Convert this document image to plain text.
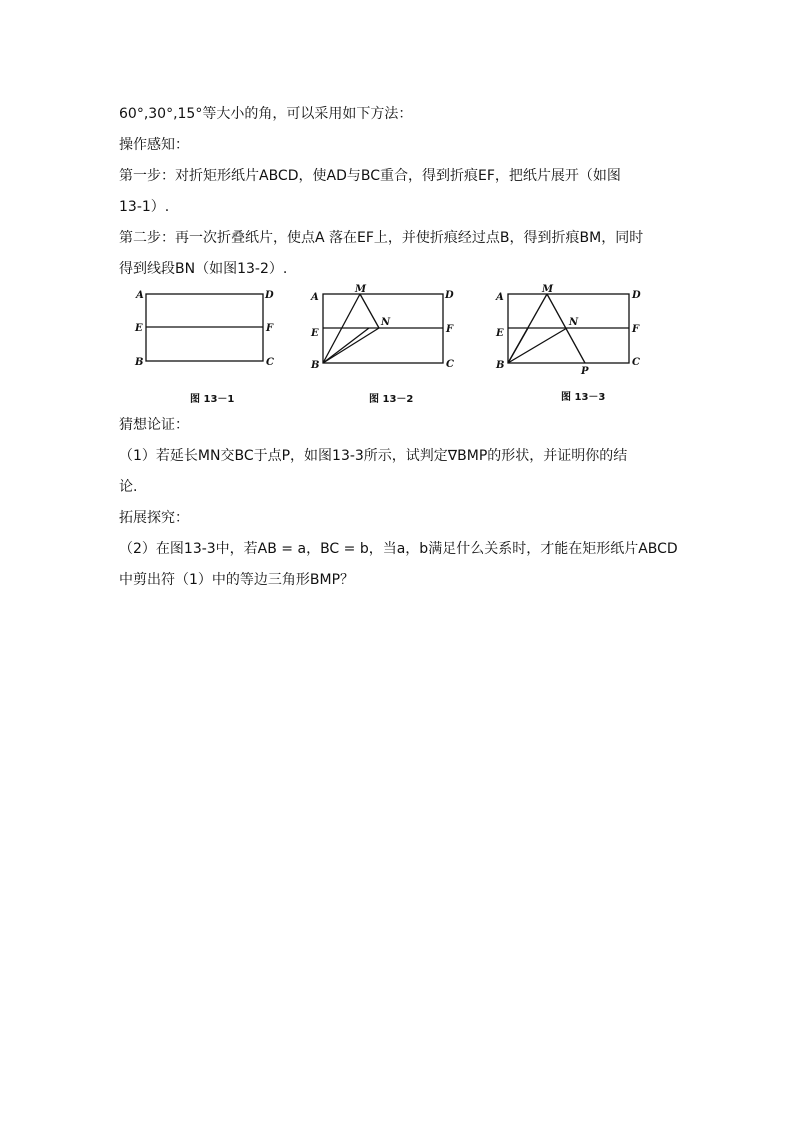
60°,30°,15°等大小的角，可以采用如下方法：
操作感知：
第一步：对折矩形纸片ABCD，使AD与BC重合，得到折痕EF，把纸片展开（如图
13-1）.
第二步：再一次折叠纸片，使点A 落在EF上，并使折痕经过点B，得到折痕BM，同时
得到线段BN（如图13-2）.
A	D
E	F
B	C
图 13－1
A	D
E	F
B	C
M
N
图 13－2
A	D
E	F
B	C
M
N
P
图 13－3
猜想论证：
（1）若延长MN交BC于点P，如图13-3所示，试判定∇BMP的形状，并证明你的结
论.
拓展探究：
（2）在图13-3中，若AB = a，BC = b，当a，b满足什么关系时，才能在矩形纸片ABCD
中剪出符（1）中的等边三角形BMP？
